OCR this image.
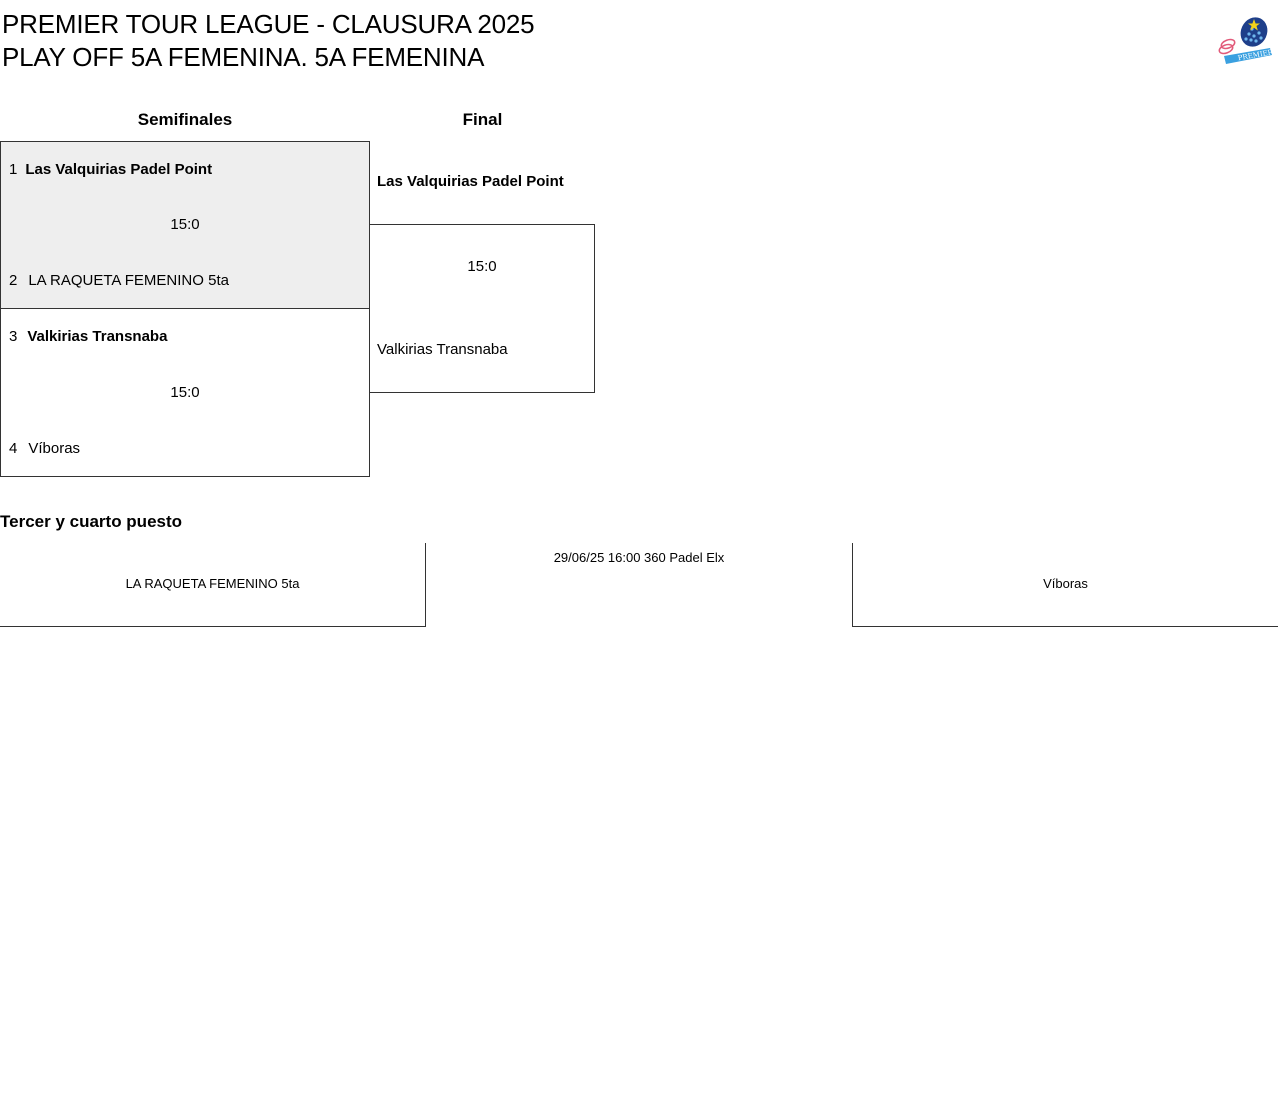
PREMIER TOUR LEAGUE - CLAUSURA 2025
PLAY OFF 5A FEMENINA. 5A FEMENINA	PREMIER
Semifinales	Final
1 Las Valquirias Padel Point
15:0
2 LA RAQUETA FEMENINO 5ta
3 Valkirias Transnaba
15:0
4 Víboras
Las Valquirias Padel Point
15:0
Valkirias Transnaba
Tercer y cuarto puesto
LA RAQUETA FEMENINO 5ta
29/06/25 16:00 360 Padel Elx
Víboras
